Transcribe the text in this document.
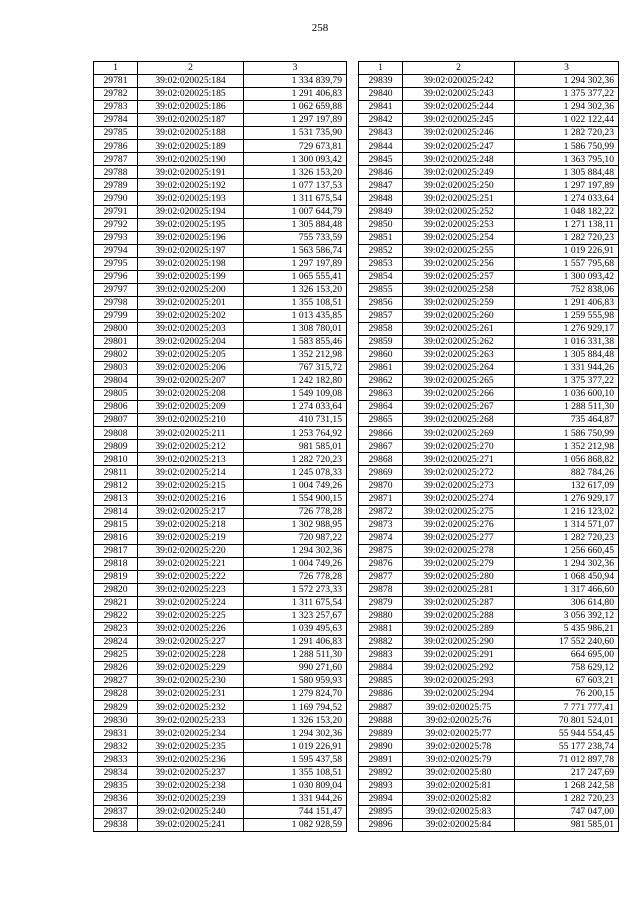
258
1	2	3
29781	39:02:020025:184	1 334 839,79
29782	39:02:020025:185	1 291 406,83
29783	39:02:020025:186	1 062 659,88
29784	39:02:020025:187	1 297 197,89
29785	39:02:020025:188	1 531 735,90
29786	39:02:020025:189	729 673,81
29787	39:02:020025:190	1 300 093,42
29788	39:02:020025:191	1 326 153,20
29789	39:02:020025:192	1 077 137,53
29790	39:02:020025:193	1 311 675,54
29791	39:02:020025:194	1 007 644,79
29792	39:02:020025:195	1 305 884,48
29793	39:02:020025:196	755 733,59
29794	39:02:020025:197	1 563 586,74
29795	39:02:020025:198	1 297 197,89
29796	39:02:020025:199	1 065 555,41
29797	39:02:020025:200	1 326 153,20
29798	39:02:020025:201	1 355 108,51
29799	39:02:020025:202	1 013 435,85
29800	39:02:020025:203	1 308 780,01
29801	39:02:020025:204	1 583 855,46
29802	39:02:020025:205	1 352 212,98
29803	39:02:020025:206	767 315,72
29804	39:02:020025:207	1 242 182,80
29805	39:02:020025:208	1 549 109,08
29806	39:02:020025:209	1 274 033,64
29807	39:02:020025:210	410 731,15
29808	39:02:020025:211	1 253 764,92
29809	39:02:020025:212	981 585,01
29810	39:02:020025:213	1 282 720,23
29811	39:02:020025:214	1 245 078,33
29812	39:02:020025:215	1 004 749,26
29813	39:02:020025:216	1 554 900,15
29814	39:02:020025:217	726 778,28
29815	39:02:020025:218	1 302 988,95
29816	39:02:020025:219	720 987,22
29817	39:02:020025:220	1 294 302,36
29818	39:02:020025:221	1 004 749,26
29819	39:02:020025:222	726 778,28
29820	39:02:020025:223	1 572 273,33
29821	39:02:020025:224	1 311 675,54
29822	39:02:020025:225	1 323 257,67
29823	39:02:020025:226	1 039 495,63
29824	39:02:020025:227	1 291 406,83
29825	39:02:020025:228	1 288 511,30
29826	39:02:020025:229	990 271,60
29827	39:02:020025:230	1 580 959,93
29828	39:02:020025:231	1 279 824,70
29829	39:02:020025:232	1 169 794,52
29830	39:02:020025:233	1 326 153,20
29831	39:02:020025:234	1 294 302,36
29832	39:02:020025:235	1 019 226,91
29833	39:02:020025:236	1 595 437,58
29834	39:02:020025:237	1 355 108,51
29835	39:02:020025:238	1 030 809,04
29836	39:02:020025:239	1 331 944,26
29837	39:02:020025:240	744 151,47
29838	39:02:020025:241	1 082 928,59
1	2	3
29839	39:02:020025:242	1 294 302,36
29840	39:02:020025:243	1 375 377,22
29841	39:02:020025:244	1 294 302,36
29842	39:02:020025:245	1 022 122,44
29843	39:02:020025:246	1 282 720,23
29844	39:02:020025:247	1 586 750,99
29845	39:02:020025:248	1 363 795,10
29846	39:02:020025:249	1 305 884,48
29847	39:02:020025:250	1 297 197,89
29848	39:02:020025:251	1 274 033,64
29849	39:02:020025:252	1 048 182,22
29850	39:02:020025:253	1 271 138,11
29851	39:02:020025:254	1 282 720,23
29852	39:02:020025:255	1 019 226,91
29853	39:02:020025:256	1 557 795,68
29854	39:02:020025:257	1 300 093,42
29855	39:02:020025:258	752 838,06
29856	39:02:020025:259	1 291 406,83
29857	39:02:020025:260	1 259 555,98
29858	39:02:020025:261	1 276 929,17
29859	39:02:020025:262	1 016 331,38
29860	39:02:020025:263	1 305 884,48
29861	39:02:020025:264	1 331 944,26
29862	39:02:020025:265	1 375 377,22
29863	39:02:020025:266	1 036 600,10
29864	39:02:020025:267	1 288 511,30
29865	39:02:020025:268	735 464,87
29866	39:02:020025:269	1 586 750,99
29867	39:02:020025:270	1 352 212,98
29868	39:02:020025:271	1 056 868,82
29869	39:02:020025:272	882 784,26
29870	39:02:020025:273	132 617,09
29871	39:02:020025:274	1 276 929,17
29872	39:02:020025:275	1 216 123,02
29873	39:02:020025:276	1 314 571,07
29874	39:02:020025:277	1 282 720,23
29875	39:02:020025:278	1 256 660,45
29876	39:02:020025:279	1 294 302,36
29877	39:02:020025:280	1 068 450,94
29878	39:02:020025:281	1 317 466,60
29879	39:02:020025:287	306 614,80
29880	39:02:020025:288	3 056 392,12
29881	39:02:020025:289	5 435 986,21
29882	39:02:020025:290	17 552 240,60
29883	39:02:020025:291	664 695,00
29884	39:02:020025:292	758 629,12
29885	39:02:020025:293	67 603,21
29886	39:02:020025:294	76 200,15
29887	39:02:020025:75	7 771 777,41
29888	39:02:020025:76	70 801 524,01
29889	39:02:020025:77	55 944 554,45
29890	39:02:020025:78	55 177 238,74
29891	39:02:020025:79	71 012 897,78
29892	39:02:020025:80	217 247,69
29893	39:02:020025:81	1 268 242,58
29894	39:02:020025:82	1 282 720,23
29895	39:02:020025:83	747 047,00
29896	39:02:020025:84	981 585,01
